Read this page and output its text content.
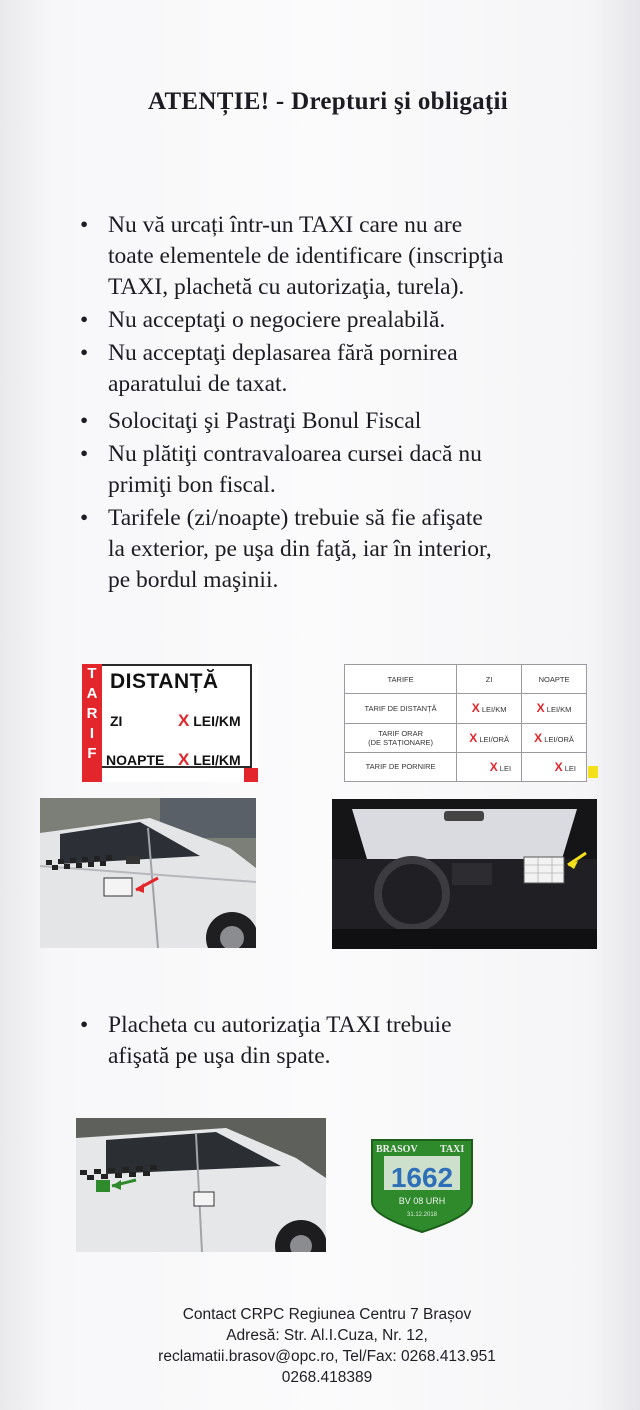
ATENȚIE! - Drepturi şi obligaţii
• Nu vă urcați într-un TAXI care nu are
toate elementele de identificare (inscripţia
TAXI, plachetă cu autorizaţia, turela).
• Nu acceptaţi o negociere prealabilă.
• Nu acceptaţi deplasarea fără pornirea
aparatului de taxat.
• Solocitaţi şi Pastraţi Bonul Fiscal
• Nu plătiţi contravaloarea cursei dacă nu
primiţi bon fiscal.
• Tarifele (zi/noapte) trebuie să fie afişate
la exterior, pe uşa din faţă, iar în interior,
pe bordul maşinii.
T
A
R
I
F
DISTANȚĂ
ZI	X LEI/KM
NOAPTE X LEI/KM
TARIFE	ZI	NOAPTE
TARIF DE DISTANȚĂ	X LEI/KM	X LEI/KM
TARIF ORAR
(DE STAȚIONARE)	X LEI/ORĂ	X LEI/ORĂ
TARIF DE PORNIRE	X LEI	X LEI
• Placheta cu autorizaţia TAXI trebuie
afişată pe uşa din spate.
BRASOV TAXI
1662
BV 08 URH
31.12.2018
Contact CRPC Regiunea Centru 7 Brașov
Adresă: Str. Al.I.Cuza, Nr. 12,
reclamatii.brasov@opc.ro, Tel/Fax: 0268.413.951
0268.418389
